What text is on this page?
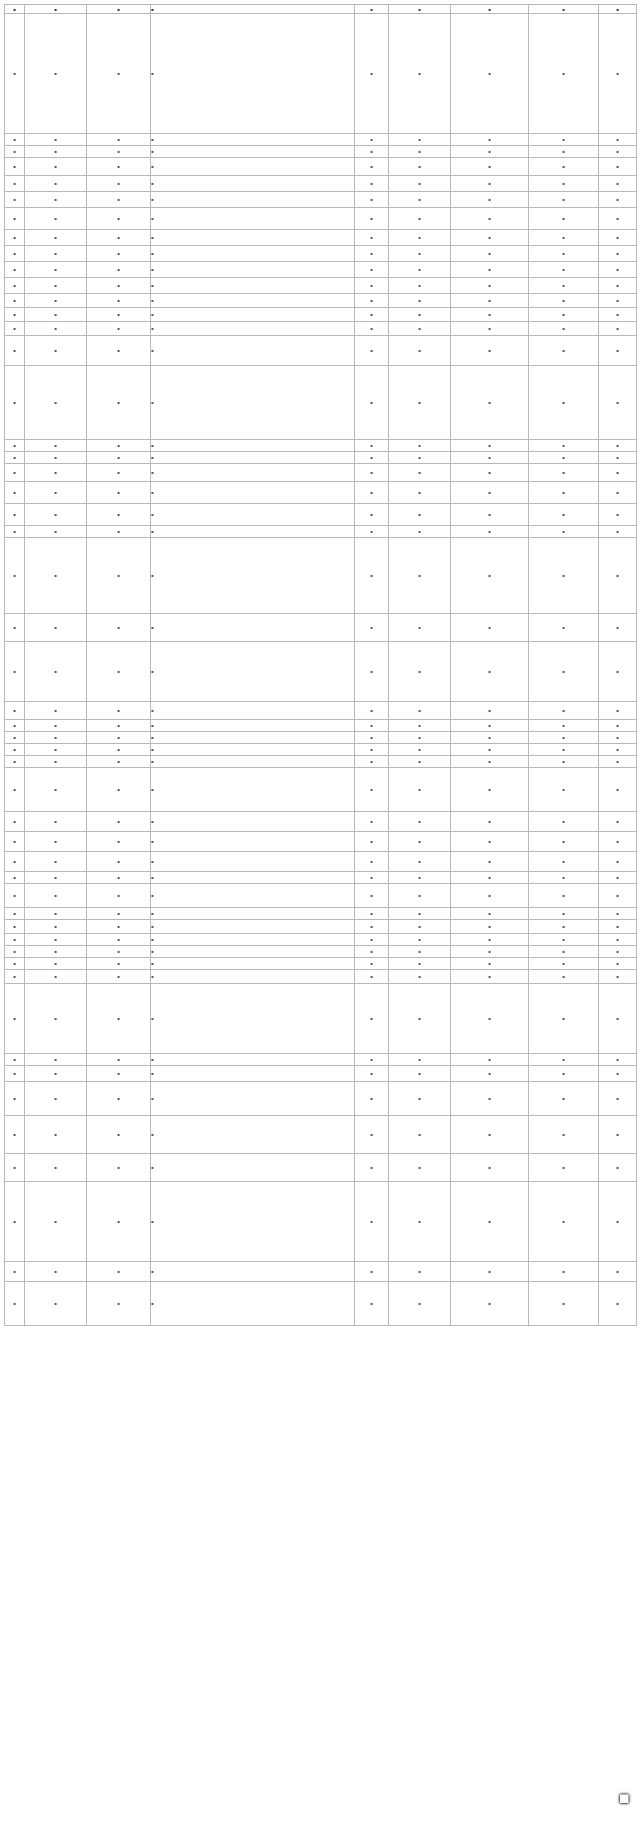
▪	▪	▪	▪	▪	▪	▪	▪	▪
▪	▪	▪	▪	▪	▪	▪	▪	▪
▪	▪	▪	▪	▪	▪	▪	▪	▪
▪	▪	▪	▪	▪	▪	▪	▪	▪
▪	▪	▪	▪	▪	▪	▪	▪	▪
▪	▪	▪	▪	▪	▪	▪	▪	▪
▪	▪	▪	▪	▪	▪	▪	▪	▪
▪	▪	▪	▪	▪	▪	▪	▪	▪
▪	▪	▪	▪	▪	▪	▪	▪	▪
▪	▪	▪	▪	▪	▪	▪	▪	▪
▪	▪	▪	▪	▪	▪	▪	▪	▪
▪	▪	▪	▪	▪	▪	▪	▪	▪
▪	▪	▪	▪	▪	▪	▪	▪	▪
▪	▪	▪	▪	▪	▪	▪	▪	▪
▪	▪	▪	▪	▪	▪	▪	▪	▪
▪	▪	▪	▪	▪	▪	▪	▪	▪
▪	▪	▪	▪	▪	▪	▪	▪	▪
▪	▪	▪	▪	▪	▪	▪	▪	▪
▪	▪	▪	▪	▪	▪	▪	▪	▪
▪	▪	▪	▪	▪	▪	▪	▪	▪
▪	▪	▪	▪	▪	▪	▪	▪	▪
▪	▪	▪	▪	▪	▪	▪	▪	▪
▪	▪	▪	▪	▪	▪	▪	▪	▪
▪	▪	▪	▪	▪	▪	▪	▪	▪
▪	▪	▪	▪	▪	▪	▪	▪	▪
▪	▪	▪	▪	▪	▪	▪	▪	▪
▪	▪	▪	▪	▪	▪	▪	▪	▪
▪	▪	▪	▪	▪	▪	▪	▪	▪
▪	▪	▪	▪	▪	▪	▪	▪	▪
▪	▪	▪	▪	▪	▪	▪	▪	▪
▪	▪	▪	▪	▪	▪	▪	▪	▪
▪	▪	▪	▪	▪	▪	▪	▪	▪
▪	▪	▪	▪	▪	▪	▪	▪	▪
▪	▪	▪	▪	▪	▪	▪	▪	▪
▪	▪	▪	▪	▪	▪	▪	▪	▪
▪	▪	▪	▪	▪	▪	▪	▪	▪
▪	▪	▪	▪	▪	▪	▪	▪	▪
▪	▪	▪	▪	▪	▪	▪	▪	▪
▪	▪	▪	▪	▪	▪	▪	▪	▪
▪	▪	▪	▪	▪	▪	▪	▪	▪
▪	▪	▪	▪	▪	▪	▪	▪	▪
▪	▪	▪	▪	▪	▪	▪	▪	▪
▪	▪	▪	▪	▪	▪	▪	▪	▪
▪	▪	▪	▪	▪	▪	▪	▪	▪
▪	▪	▪	▪	▪	▪	▪	▪	▪
▪	▪	▪	▪	▪	▪	▪	▪	▪
▪	▪	▪	▪	▪	▪	▪	▪	▪
▪	▪	▪	▪	▪	▪	▪	▪	▪
▪	▪	▪	▪	▪	▪	▪	▪	▪
▪	▪	▪	▪	▪	▪	▪	▪	▪
▪	▪	▪	▪	▪	▪	▪	▪	▪
▪	▪	▪	▪	▪	▪	▪	▪	▪
▪
